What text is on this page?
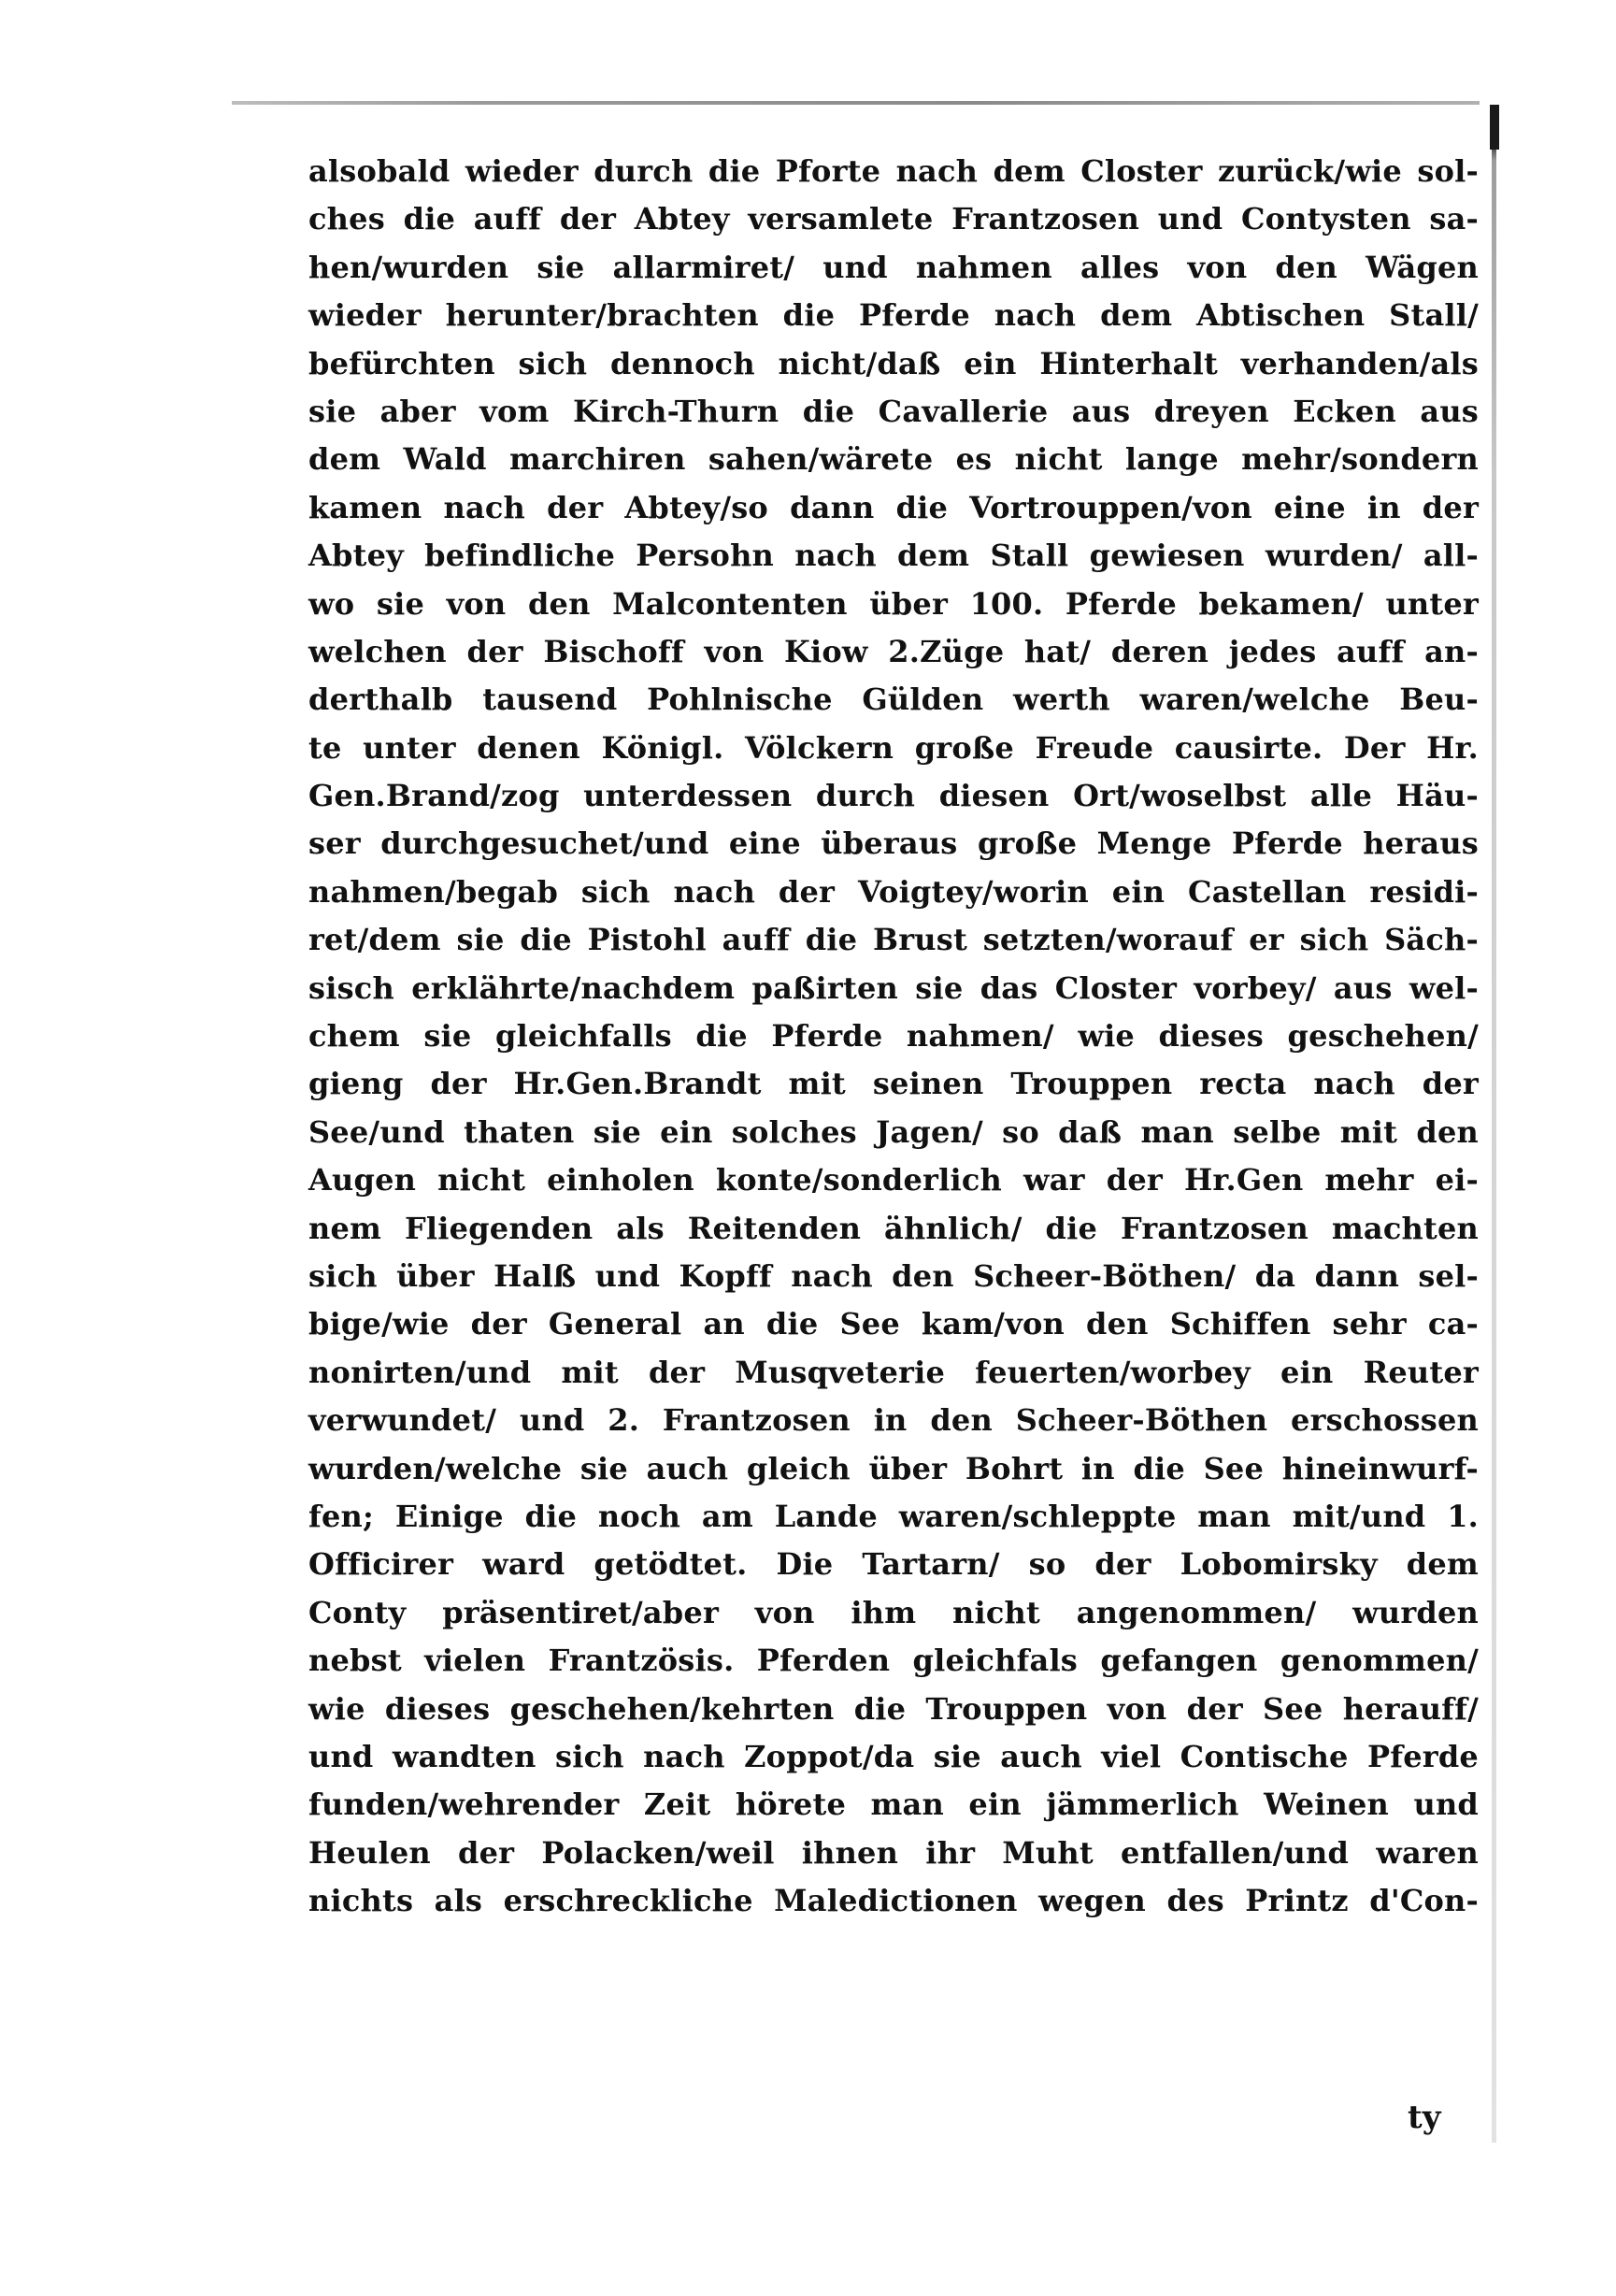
alsobald wieder durch die Pforte nach dem Closter zurück/wie sol-
ches die auff der Abtey versamlete Frantzosen und Contysten sa-
hen/wurden sie allarmiret/ und nahmen alles von den Wägen
wieder herunter/brachten die Pferde nach dem Abtischen Stall/
befürchten sich dennoch nicht/daß ein Hinterhalt verhanden/als
sie aber vom Kirch-Thurn die Cavallerie aus dreyen Ecken aus
dem Wald marchiren sahen/wärete es nicht lange mehr/sondern
kamen nach der Abtey/so dann die Vortrouppen/von eine in der
Abtey befindliche Persohn nach dem Stall gewiesen wurden/ all-
wo sie von den Malcontenten über 100. Pferde bekamen/ unter
welchen der Bischoff von Kiow 2.Züge hat/ deren jedes auff an-
derthalb tausend Pohlnische Gülden werth waren/welche Beu-
te unter denen Königl. Völckern große Freude causirte. Der Hr.
Gen.Brand/zog unterdessen durch diesen Ort/woselbst alle Häu-
ser durchgesuchet/und eine überaus große Menge Pferde heraus
nahmen/begab sich nach der Voigtey/worin ein Castellan residi-
ret/dem sie die Pistohl auff die Brust setzten/worauf er sich Säch-
sisch erklährte/nachdem paßirten sie das Closter vorbey/ aus wel-
chem sie gleichfalls die Pferde nahmen/ wie dieses geschehen/
gieng der Hr.Gen.Brandt mit seinen Trouppen recta nach der
See/und thaten sie ein solches Jagen/ so daß man selbe mit den
Augen nicht einholen konte/sonderlich war der Hr.Gen mehr ei-
nem Fliegenden als Reitenden ähnlich/ die Frantzosen machten
sich über Halß und Kopff nach den Scheer-Böthen/ da dann sel-
bige/wie der General an die See kam/von den Schiffen sehr ca-
nonirten/und mit der Musqveterie feuerten/worbey ein Reuter
verwundet/ und 2. Frantzosen in den Scheer-Böthen erschossen
wurden/welche sie auch gleich über Bohrt in die See hineinwurf-
fen; Einige die noch am Lande waren/schleppte man mit/und 1.
Officirer ward getödtet. Die Tartarn/ so der Lobomirsky dem
Conty präsentiret/aber von ihm nicht angenommen/ wurden
nebst vielen Frantzösis. Pferden gleichfals gefangen genommen/
wie dieses geschehen/kehrten die Trouppen von der See herauff/
und wandten sich nach Zoppot/da sie auch viel Contische Pferde
funden/wehrender Zeit hörete man ein jämmerlich Weinen und
Heulen der Polacken/weil ihnen ihr Muht entfallen/und waren
nichts als erschreckliche Maledictionen wegen des Printz d'Con-
ty
